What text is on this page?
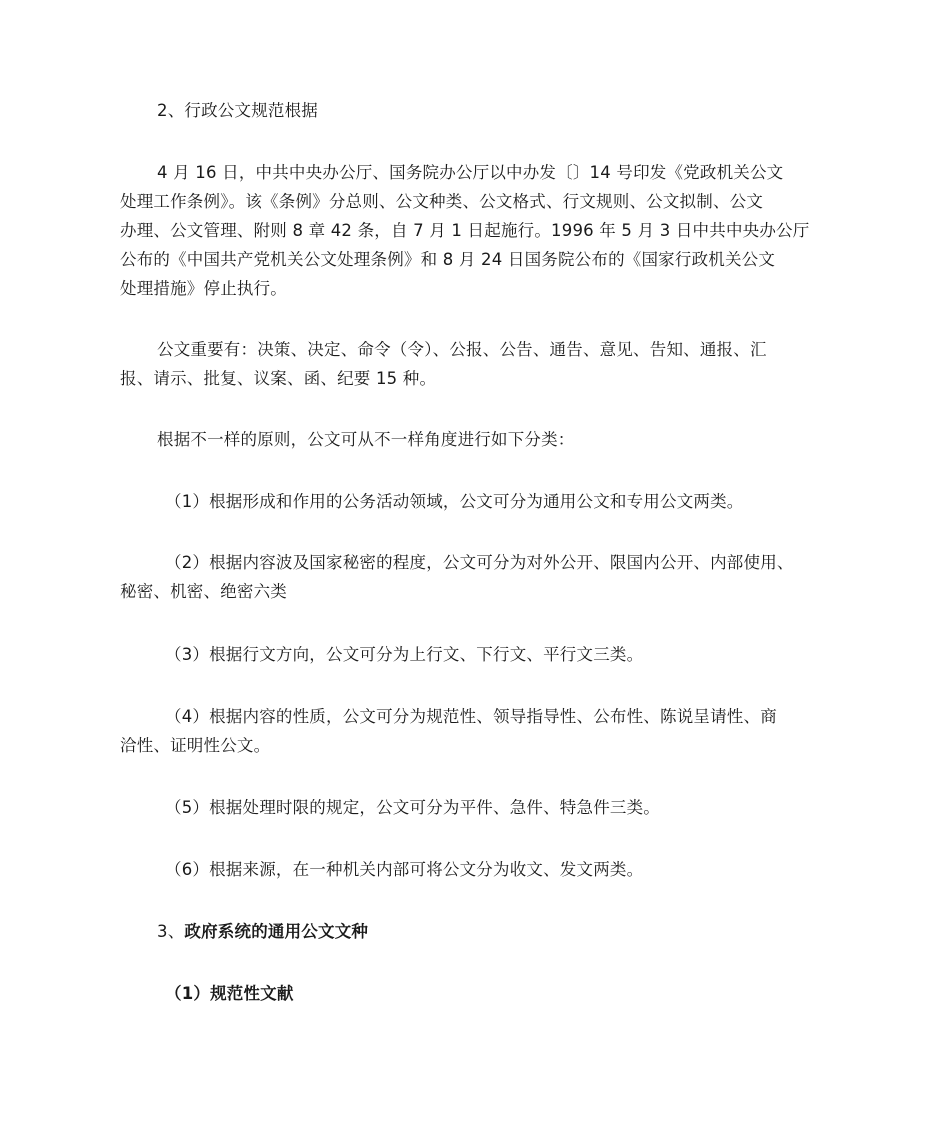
2、行政公文规范根据

4 月 16 日，中共中央办公厅、国务院办公厅以中办发〔〕14 号印发《党政机关公文
处理工作条例》。该《条例》分总则、公文种类、公文格式、行文规则、公文拟制、公文
办理、公文管理、附则 8 章 42 条，自 7 月 1 日起施行。1996 年 5 月 3 日中共中央办公厅
公布的《中国共产党机关公文处理条例》和 8 月 24 日国务院公布的《国家行政机关公文
处理措施》停止执行。

公文重要有：决策、决定、命令（令）、公报、公告、通告、意见、告知、通报、汇
报、请示、批复、议案、函、纪要 15 种。

根据不一样的原则，公文可从不一样角度进行如下分类：

（1）根据形成和作用的公务活动领域，公文可分为通用公文和专用公文两类。

（2）根据内容波及国家秘密的程度，公文可分为对外公开、限国内公开、内部使用、
秘密、机密、绝密六类

（3）根据行文方向，公文可分为上行文、下行文、平行文三类。

（4）根据内容的性质，公文可分为规范性、领导指导性、公布性、陈说呈请性、商
洽性、证明性公文。

（5）根据处理时限的规定，公文可分为平件、急件、特急件三类。

（6）根据来源，在一种机关内部可将公文分为收文、发文两类。

3、政府系统的通用公文文种

（1）规范性文献
